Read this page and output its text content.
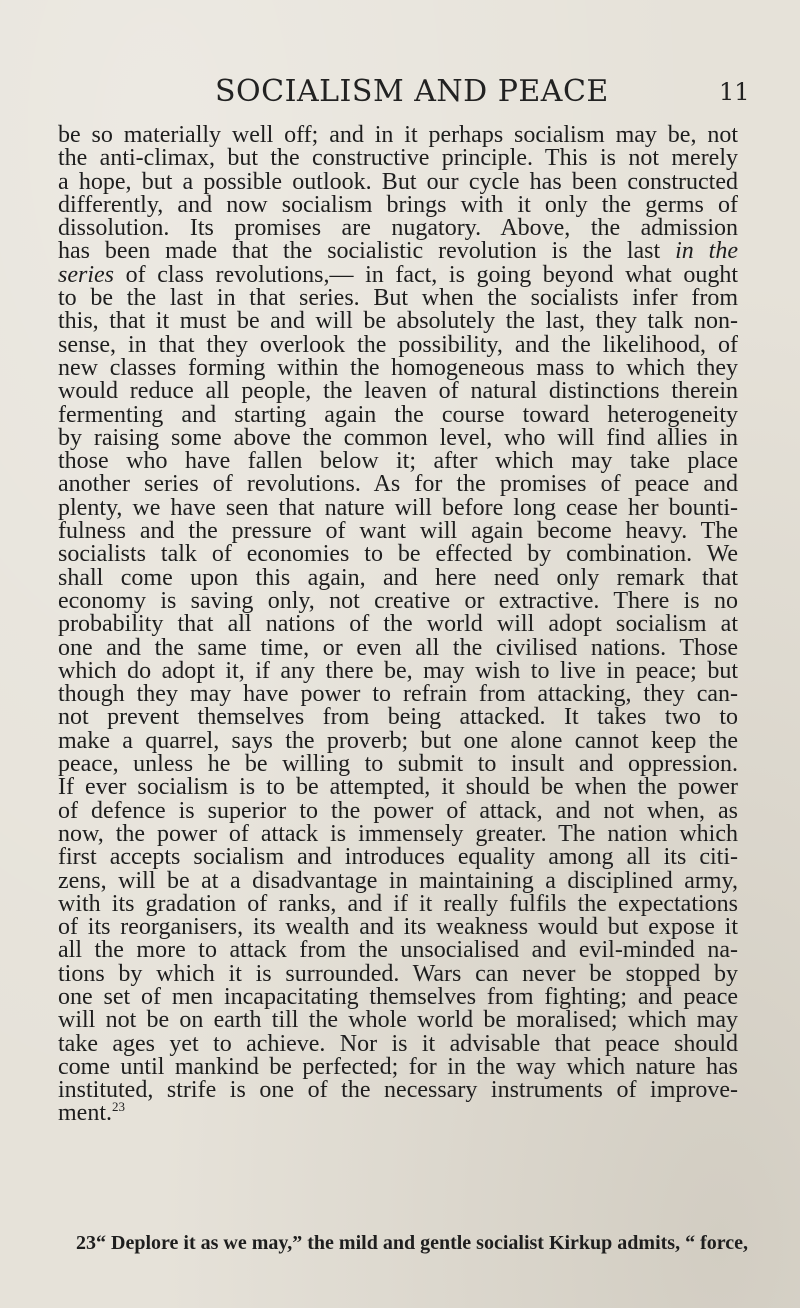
SOCIALISM AND PEACE	11
be so materially well off; and in it perhaps socialism may be, not
the anti-climax, but the constructive principle. This is not merely
a hope, but a possible outlook. But our cycle has been constructed
differently, and now socialism brings with it only the germs of
dissolution. Its promises are nugatory. Above, the admission
has been made that the socialistic revolution is the last in the
series of class revolutions,— in fact, is going beyond what ought
to be the last in that series. But when the socialists infer from
this, that it must be and will be absolutely the last, they talk non-
sense, in that they overlook the possibility, and the likelihood, of
new classes forming within the homogeneous mass to which they
would reduce all people, the leaven of natural distinctions therein
fermenting and starting again the course toward heterogeneity
by raising some above the common level, who will find allies in
those who have fallen below it; after which may take place
another series of revolutions. As for the promises of peace and
plenty, we have seen that nature will before long cease her bounti-
fulness and the pressure of want will again become heavy. The
socialists talk of economies to be effected by combination. We
shall come upon this again, and here need only remark that
economy is saving only, not creative or extractive. There is no
probability that all nations of the world will adopt socialism at
one and the same time, or even all the civilised nations. Those
which do adopt it, if any there be, may wish to live in peace; but
though they may have power to refrain from attacking, they can-
not prevent themselves from being attacked. It takes two to
make a quarrel, says the proverb; but one alone cannot keep the
peace, unless he be willing to submit to insult and oppression.
If ever socialism is to be attempted, it should be when the power
of defence is superior to the power of attack, and not when, as
now, the power of attack is immensely greater. The nation which
first accepts socialism and introduces equality among all its citi-
zens, will be at a disadvantage in maintaining a disciplined army,
with its gradation of ranks, and if it really fulfils the expectations
of its reorganisers, its wealth and its weakness would but expose it
all the more to attack from the unsocialised and evil-minded na-
tions by which it is surrounded. Wars can never be stopped by
one set of men incapacitating themselves from fighting; and peace
will not be on earth till the whole world be moralised; which may
take ages yet to achieve. Nor is it advisable that peace should
come until mankind be perfected; for in the way which nature has
instituted, strife is one of the necessary instruments of improve-
ment.$^{23}$
23“ Deplore it as we may,” the mild and gentle socialist Kirkup admits, “ force,
